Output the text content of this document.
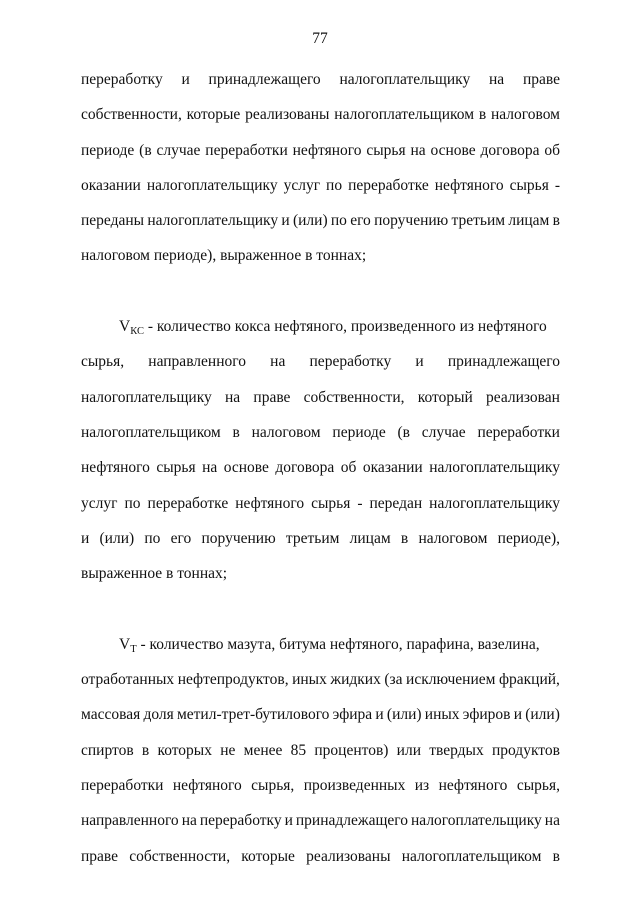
77
переработку и принадлежащего налогоплательщику на праве
собственности, которые реализованы налогоплательщиком в налоговом
периоде (в случае переработки нефтяного сырья на основе договора об
оказании налогоплательщику услуг по переработке нефтяного сырья -
переданы налогоплательщику и (или) по его поручению третьим лицам в
налоговом периоде), выраженное в тоннах;
$V_{КС}$ - количество кокса нефтяного, произведенного из нефтяного
сырья, направленного на переработку и принадлежащего
налогоплательщику на праве собственности, который реализован
налогоплательщиком в налоговом периоде (в случае переработки
нефтяного сырья на основе договора об оказании налогоплательщику
услуг по переработке нефтяного сырья - передан налогоплательщику
и (или) по его поручению третьим лицам в налоговом периоде),
выраженное в тоннах;
$V_Т$ - количество мазута, битума нефтяного, парафина, вазелина,
отработанных нефтепродуктов, иных жидких (за исключением фракций,
массовая доля метил-трет-бутилового эфира и (или) иных эфиров и (или)
спиртов в которых не менее 85 процентов) или твердых продуктов
переработки нефтяного сырья, произведенных из нефтяного сырья,
направленного на переработку и принадлежащего налогоплательщику на
праве собственности, которые реализованы налогоплательщиком в
